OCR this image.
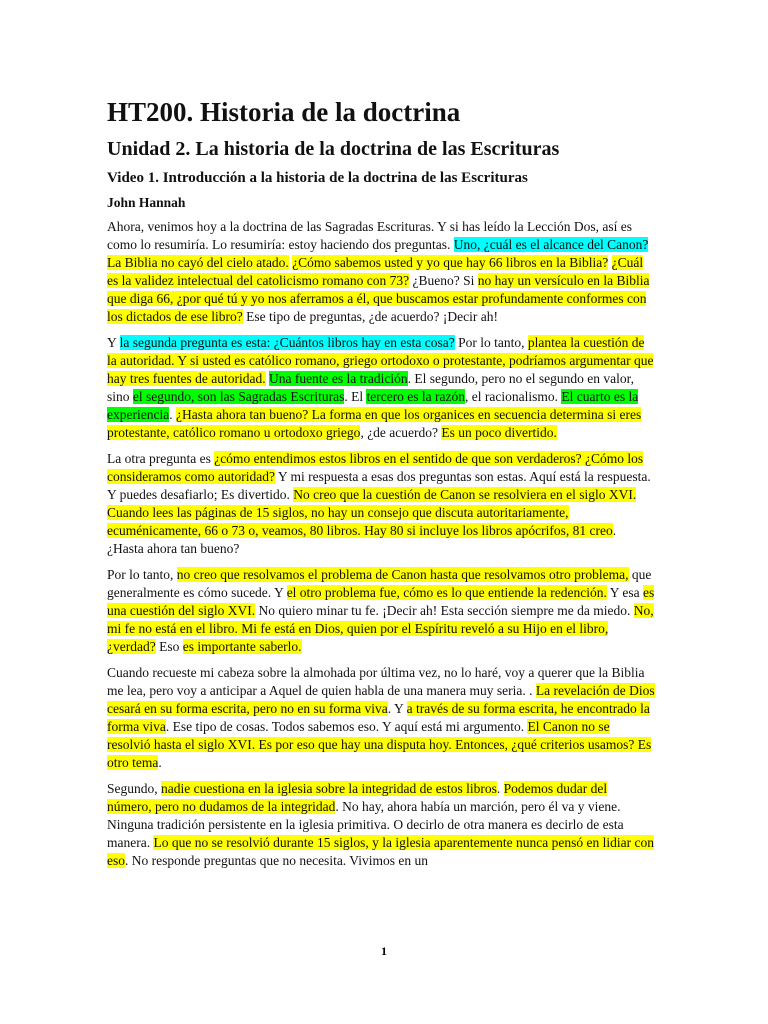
HT200. Historia de la doctrina
Unidad 2. La historia de la doctrina de las Escrituras
Video 1. Introducción a la historia de la doctrina de las Escrituras
John Hannah

Ahora, venimos hoy a la doctrina de las Sagradas Escrituras. Y si has leído la Lección Dos, así es como lo resumiría. Lo resumiría: estoy haciendo dos preguntas. Uno, ¿cuál es el alcance del Canon? La Biblia no cayó del cielo atado. ¿Cómo sabemos usted y yo que hay 66 libros en la Biblia? ¿Cuál es la validez intelectual del catolicismo romano con 73? ¿Bueno? Si no hay un versículo en la Biblia que diga 66, ¿por qué tú y yo nos aferramos a él, que buscamos estar profundamente conformes con los dictados de ese libro? Ese tipo de preguntas, ¿de acuerdo? ¡Decir ah!

Y la segunda pregunta es esta: ¿Cuántos libros hay en esta cosa? Por lo tanto, plantea la cuestión de la autoridad. Y si usted es católico romano, griego ortodoxo o protestante, podríamos argumentar que hay tres fuentes de autoridad. Una fuente es la tradición. El segundo, pero no el segundo en valor, sino el segundo, son las Sagradas Escrituras. El tercero es la razón, el racionalismo. El cuarto es la experiencia. ¿Hasta ahora tan bueno? La forma en que los organices en secuencia determina si eres protestante, católico romano u ortodoxo griego, ¿de acuerdo? Es un poco divertido.

La otra pregunta es ¿cómo entendimos estos libros en el sentido de que son verdaderos? ¿Cómo los consideramos como autoridad? Y mi respuesta a esas dos preguntas son estas. Aquí está la respuesta. Y puedes desafiarlo; Es divertido. No creo que la cuestión de Canon se resolviera en el siglo XVI. Cuando lees las páginas de 15 siglos, no hay un consejo que discuta autoritariamente, ecuménicamente, 66 o 73 o, veamos, 80 libros. Hay 80 si incluye los libros apócrifos, 81 creo. ¿Hasta ahora tan bueno?

Por lo tanto, no creo que resolvamos el problema de Canon hasta que resolvamos otro problema, que generalmente es cómo sucede. Y el otro problema fue, cómo es lo que entiende la redención. Y esa es una cuestión del siglo XVI. No quiero minar tu fe. ¡Decir ah! Esta sección siempre me da miedo. No, mi fe no está en el libro. Mi fe está en Dios, quien por el Espíritu reveló a su Hijo en el libro, ¿verdad? Eso es importante saberlo.

Cuando recueste mi cabeza sobre la almohada por última vez, no lo haré, voy a querer que la Biblia me lea, pero voy a anticipar a Aquel de quien habla de una manera muy seria. . La revelación de Dios cesará en su forma escrita, pero no en su forma viva. Y a través de su forma escrita, he encontrado la forma viva. Ese tipo de cosas. Todos sabemos eso. Y aquí está mi argumento. El Canon no se resolvió hasta el siglo XVI. Es por eso que hay una disputa hoy. Entonces, ¿qué criterios usamos? Es otro tema.

Segundo, nadie cuestiona en la iglesia sobre la integridad de estos libros. Podemos dudar del número, pero no dudamos de la integridad. No hay, ahora había un marción, pero él va y viene. Ninguna tradición persistente en la iglesia primitiva. O decirlo de otra manera es decirlo de esta manera. Lo que no se resolvió durante 15 siglos, y la iglesia aparentemente nunca pensó en lidiar con eso. No responde preguntas que no necesita. Vivimos en un

1
